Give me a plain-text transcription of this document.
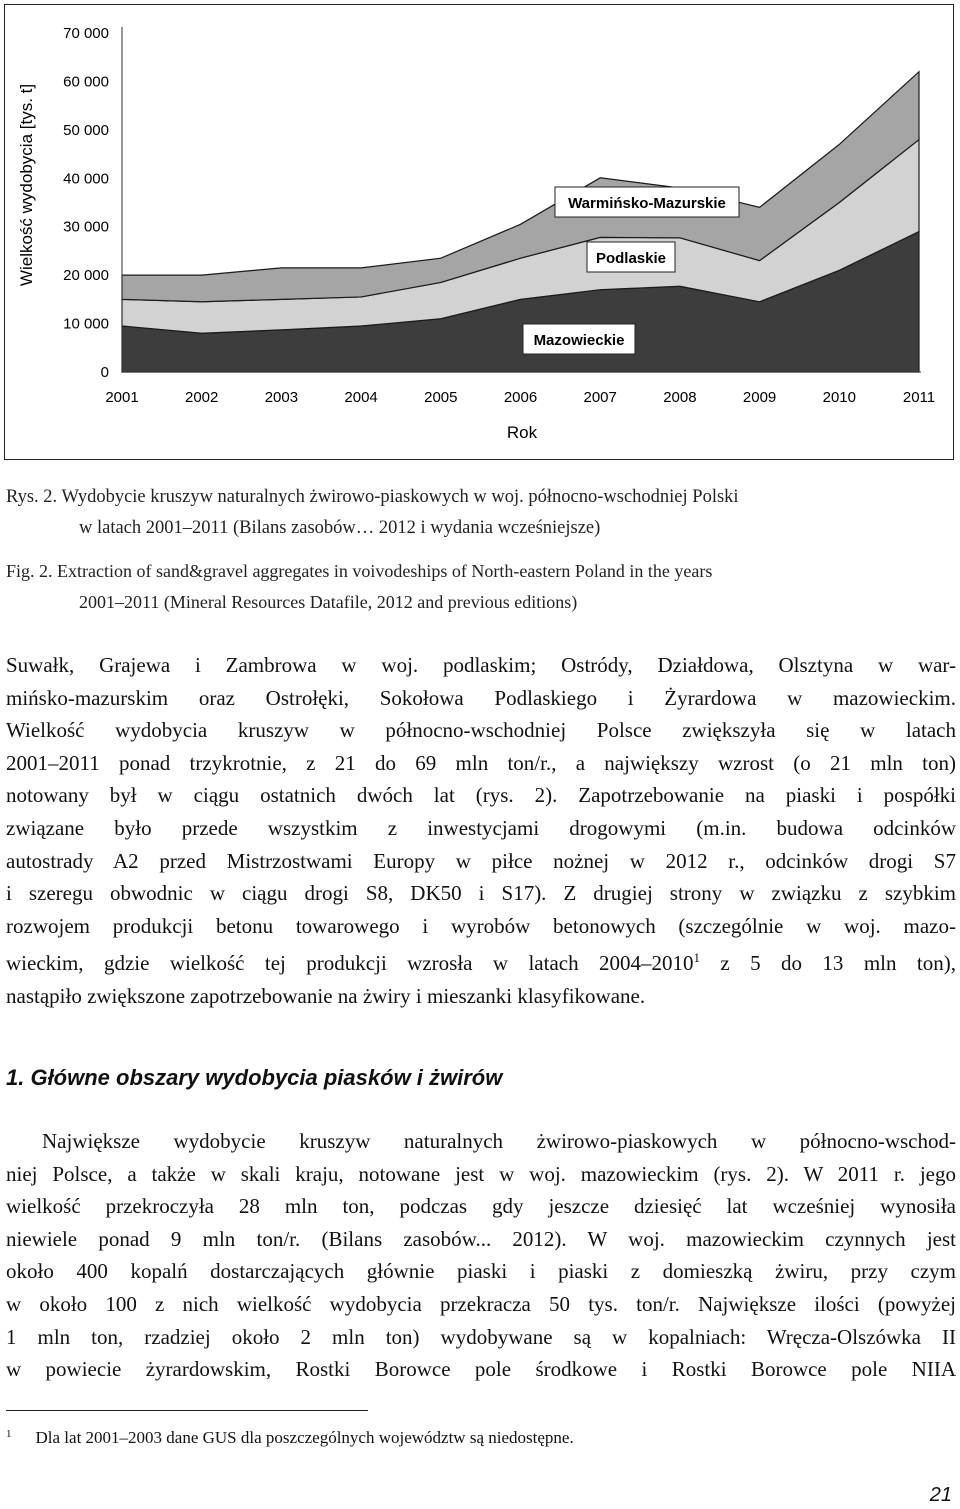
0
10 000
20 000
30 000
40 000
50 000
60 000
70 000
2001	2002	2003	2004	2005	2006	2007	2008	2009	2010	2011
Rok
Wielkość wydobycia [tys. t]
Mazowieckie
Podlaskie
Warmińsko-Mazurskie
Rys. 2. Wydobycie kruszyw naturalnych żwirowo-piaskowych w woj. północno-wschodniej Polski
w latach 2001–2011 (Bilans zasobów… 2012 i wydania wcześniejsze)
Fig. 2. Extraction of sand&gravel aggregates in voivodeships of North-eastern Poland in the years
2001–2011 (Mineral Resources Datafile, 2012 and previous editions)
Suwałk, Grajewa i Zambrowa w woj. podlaskim; Ostródy, Działdowa, Olsztyna w war-
mińsko-mazurskim oraz Ostrołęki, Sokołowa Podlaskiego i Żyrardowa w mazowieckim.
Wielkość wydobycia kruszyw w północno-wschodniej Polsce zwiększyła się w latach
2001–2011 ponad trzykrotnie, z 21 do 69 mln ton/r., a największy wzrost (o 21 mln ton)
notowany był w ciągu ostatnich dwóch lat (rys. 2). Zapotrzebowanie na piaski i pospółki
związane było przede wszystkim z inwestycjami drogowymi (m.in. budowa odcinków
autostrady A2 przed Mistrzostwami Europy w piłce nożnej w 2012 r., odcinków drogi S7
i szeregu obwodnic w ciągu drogi S8, DK50 i S17). Z drugiej strony w związku z szybkim
rozwojem produkcji betonu towarowego i wyrobów betonowych (szczególnie w woj. mazo-
wieckim, gdzie wielkość tej produkcji wzrosła w latach 2004–2010$^1$ z 5 do 13 mln ton),
nastąpiło zwiększone zapotrzebowanie na żwiry i mieszanki klasyfikowane.
1. Główne obszary wydobycia piasków i żwirów
Największe wydobycie kruszyw naturalnych żwirowo-piaskowych w północno-wschod-
niej Polsce, a także w skali kraju, notowane jest w woj. mazowieckim (rys. 2). W 2011 r. jego
wielkość przekroczyła 28 mln ton, podczas gdy jeszcze dziesięć lat wcześniej wynosiła
niewiele ponad 9 mln ton/r. (Bilans zasobów... 2012). W woj. mazowieckim czynnych jest
około 400 kopalń dostarczających głównie piaski i piaski z domieszką żwiru, przy czym
w około 100 z nich wielkość wydobycia przekracza 50 tys. ton/r. Największe ilości (powyżej
1 mln ton, rzadziej około 2 mln ton) wydobywane są w kopalniach: Wręcza-Olszówka II
w powiecie żyrardowskim, Rostki Borowce pole środkowe i Rostki Borowce pole NIIA
$^1$ Dla lat 2001–2003 dane GUS dla poszczególnych województw są niedostępne.
21
